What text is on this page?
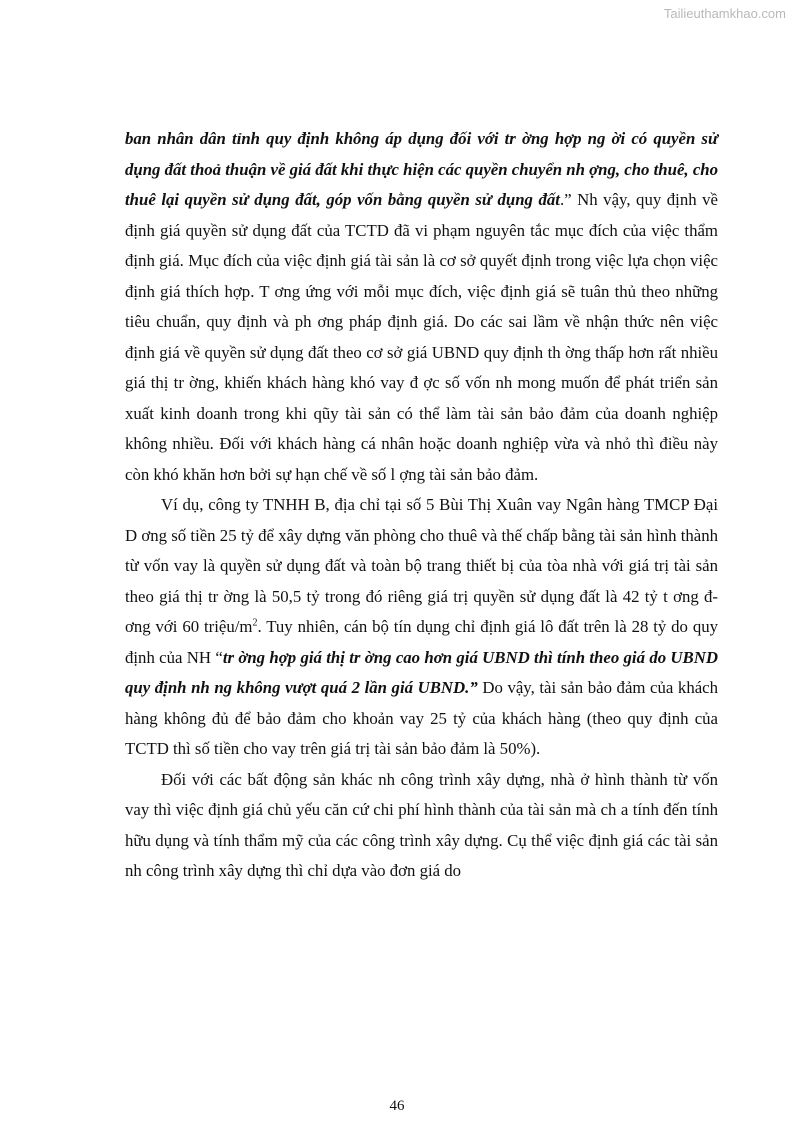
Tailieuthamkhao.com

ban nhân dân tỉnh quy định không áp dụng đối với tr ờng hợp ng ời có quyền sử dụng đất thoả thuận về giá đất khi thực hiện các quyền chuyển nh ợng, cho thuê, cho thuê lại quyền sử dụng đất, góp vốn bằng quyền sử dụng đất.” Nh vậy, quy định về định giá quyền sử dụng đất của TCTD đã vi phạm nguyên tắc mục đích của việc thẩm định giá. Mục đích của việc định giá tài sản là cơ sở quyết định trong việc lựa chọn việc định giá thích hợp. T ơng ứng với mỗi mục đích, việc định giá sẽ tuân thủ theo những tiêu chuẩn, quy định và ph ơng pháp định giá. Do các sai lầm về nhận thức nên việc định giá về quyền sử dụng đất theo cơ sở giá UBND quy định th ờng thấp hơn rất nhiều giá thị tr ờng, khiến khách hàng khó vay đ ợc số vốn nh mong muốn để phát triển sản xuất kinh doanh trong khi qũy tài sản có thể làm tài sản bảo đảm của doanh nghiệp không nhiều. Đối với khách hàng cá nhân hoặc doanh nghiệp vừa và nhỏ thì điều này còn khó khăn hơn bởi sự hạn chế về số l ợng tài sản bảo đảm.

Ví dụ, công ty TNHH B, địa chỉ tại số 5 Bùi Thị Xuân vay Ngân hàng TMCP Đại D ơng số tiền 25 tỷ để xây dựng văn phòng cho thuê và thế chấp bằng tài sản hình thành từ vốn vay là quyền sử dụng đất và toàn bộ trang thiết bị của tòa nhà với giá trị tài sản theo giá thị tr ờng là 50,5 tỷ trong đó riêng giá trị quyền sử dụng đất là 42 tỷ t ơng đ ơng với 60 triệu/$m^2$. Tuy nhiên, cán bộ tín dụng chỉ định giá lô đất trên là 28 tỷ do quy định của NH “tr ờng hợp giá thị tr ờng cao hơn giá UBND thì tính theo giá do UBND quy định nh ng không vượt quá 2 lần giá UBND.” Do vậy, tài sản bảo đảm của khách hàng không đủ để bảo đảm cho khoản vay 25 tỷ của khách hàng (theo quy định của TCTD thì số tiền cho vay trên giá trị tài sản bảo đảm là 50%).

Đối với các bất động sản khác nh công trình xây dựng, nhà ở hình thành từ vốn vay thì việc định giá chủ yếu căn cứ chi phí hình thành của tài sản mà ch a tính đến tính hữu dụng và tính thẩm mỹ của các công trình xây dựng. Cụ thể việc định giá các tài sản nh công trình xây dựng thì chỉ dựa vào đơn giá do

46
